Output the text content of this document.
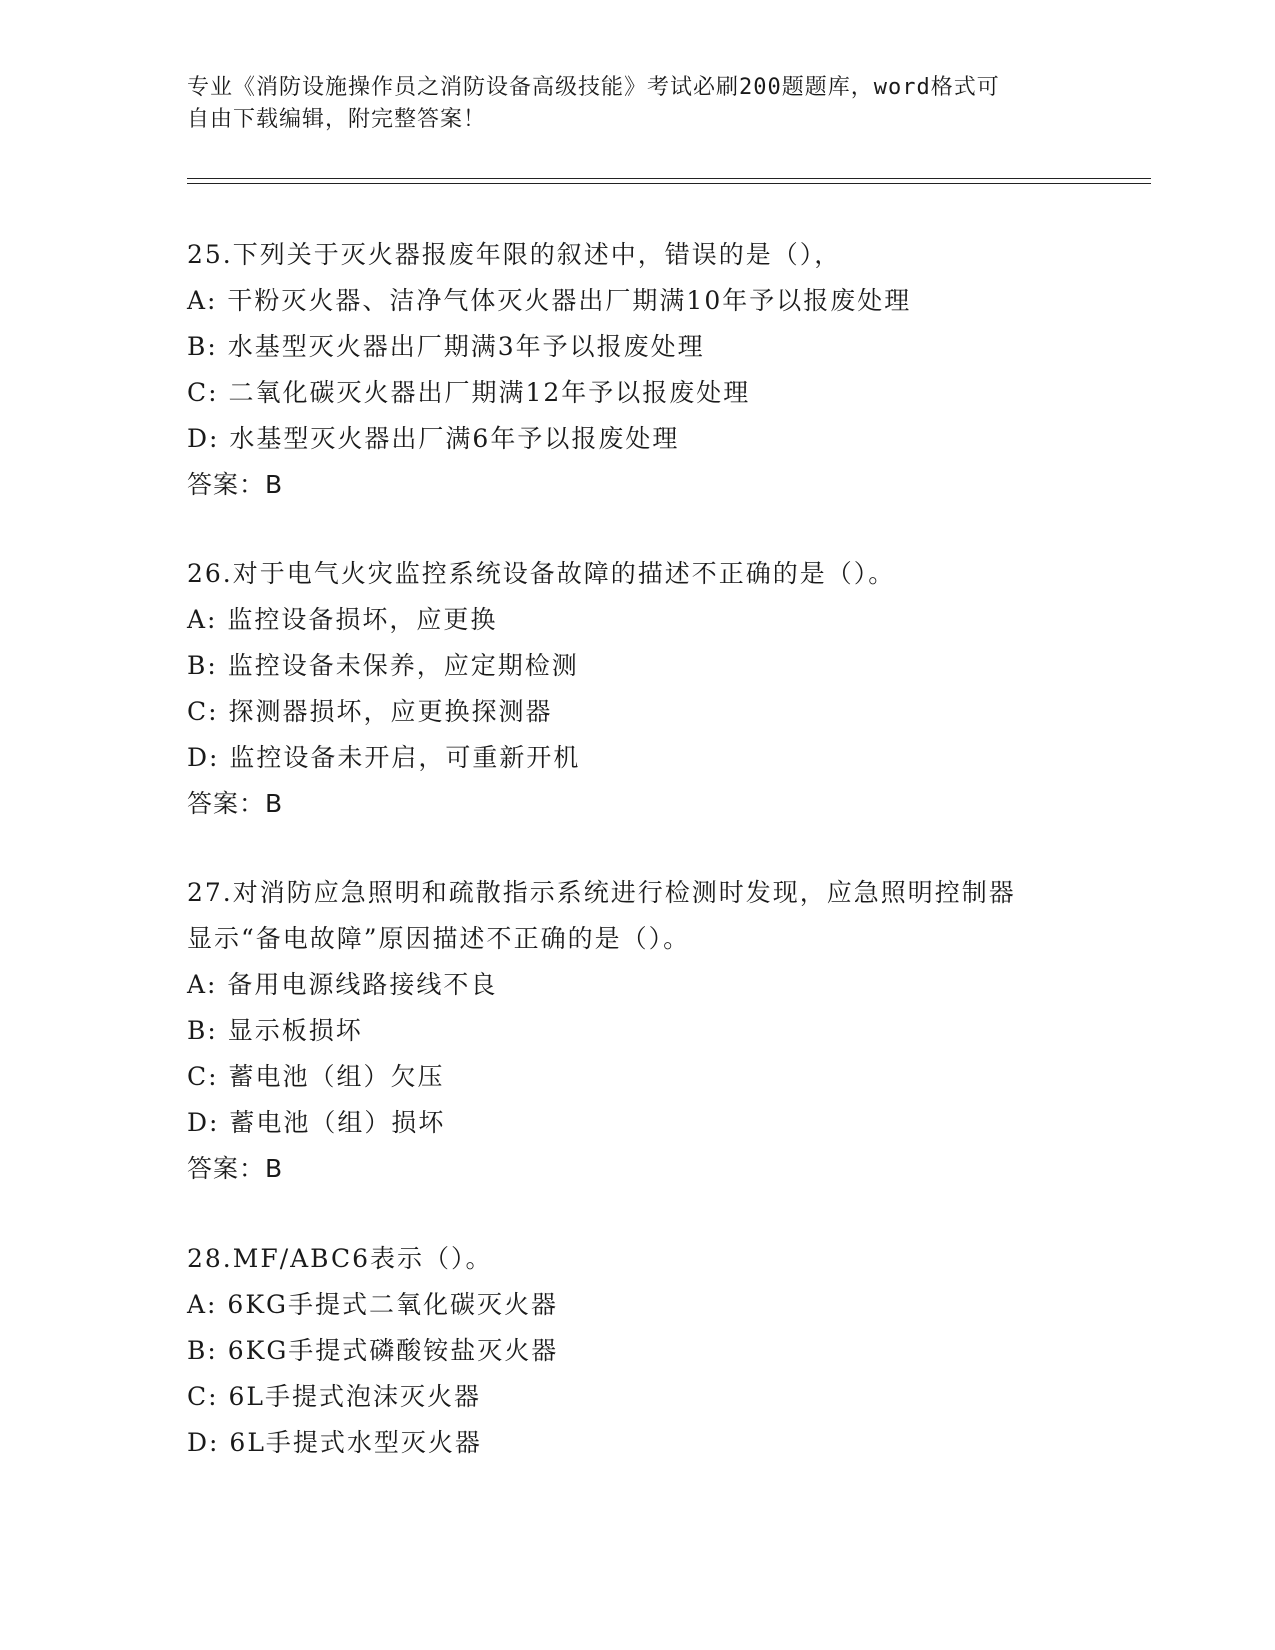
专业《消防设施操作员之消防设备高级技能》考试必刷200题题库，word格式可
自由下载编辑，附完整答案！
25.下列关于灭火器报废年限的叙述中，错误的是（），
A: 干粉灭火器、洁净气体灭火器出厂期满10年予以报废处理
B: 水基型灭火器出厂期满3年予以报废处理
C: 二氧化碳灭火器出厂期满12年予以报废处理
D: 水基型灭火器出厂满6年予以报废处理
答案：B
26.对于电气火灾监控系统设备故障的描述不正确的是（）。
A: 监控设备损坏，应更换
B: 监控设备未保养，应定期检测
C: 探测器损坏，应更换探测器
D: 监控设备未开启，可重新开机
答案：B
27.对消防应急照明和疏散指示系统进行检测时发现，应急照明控制器
显示“备电故障”原因描述不正确的是（）。
A: 备用电源线路接线不良
B: 显示板损坏
C: 蓄电池（组）欠压
D: 蓄电池（组）损坏
答案：B
28.MF/ABC6表示（）。
A: 6KG手提式二氧化碳灭火器
B: 6KG手提式磷酸铵盐灭火器
C: 6L手提式泡沫灭火器
D: 6L手提式水型灭火器
